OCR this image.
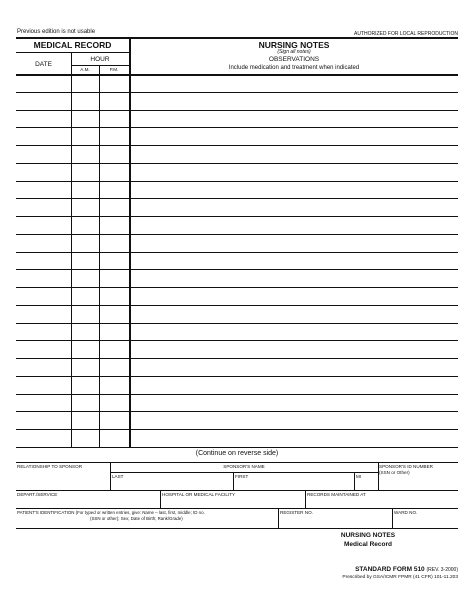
Previous edition is not usable	AUTHORIZED FOR LOCAL REPRODUCTION
MEDICAL RECORD	NURSING NOTES
(Sign all notes)
DATE
HOUR
A.M.	P.M.
OBSERVATIONS
Include medication and treatment when indicated
(Continue on reverse side)
RELATIONSHIP TO SPONSOR	SPONSOR'S NAME	SPONSOR'S ID NUMBER
(SSN or Other)
LAST	FIRST	MI
DEPART./SERVICE	HOSPITAL OR MEDICAL FACILITY	RECORDS MAINTAINED AT
PATIENT'S IDENTIFICATION (For typed or written entries, give: Name – last, first, middle; ID no.
(SSN or other); Sex; Date of Birth; Rank/Grade)
REGISTER NO.	WARD NO.
NURSING NOTES
Medical Record
STANDARD FORM 510 (REV. 3-2000)
Prescribed by GSA/ICMR FPMR (41 CFR) 101-11.203
